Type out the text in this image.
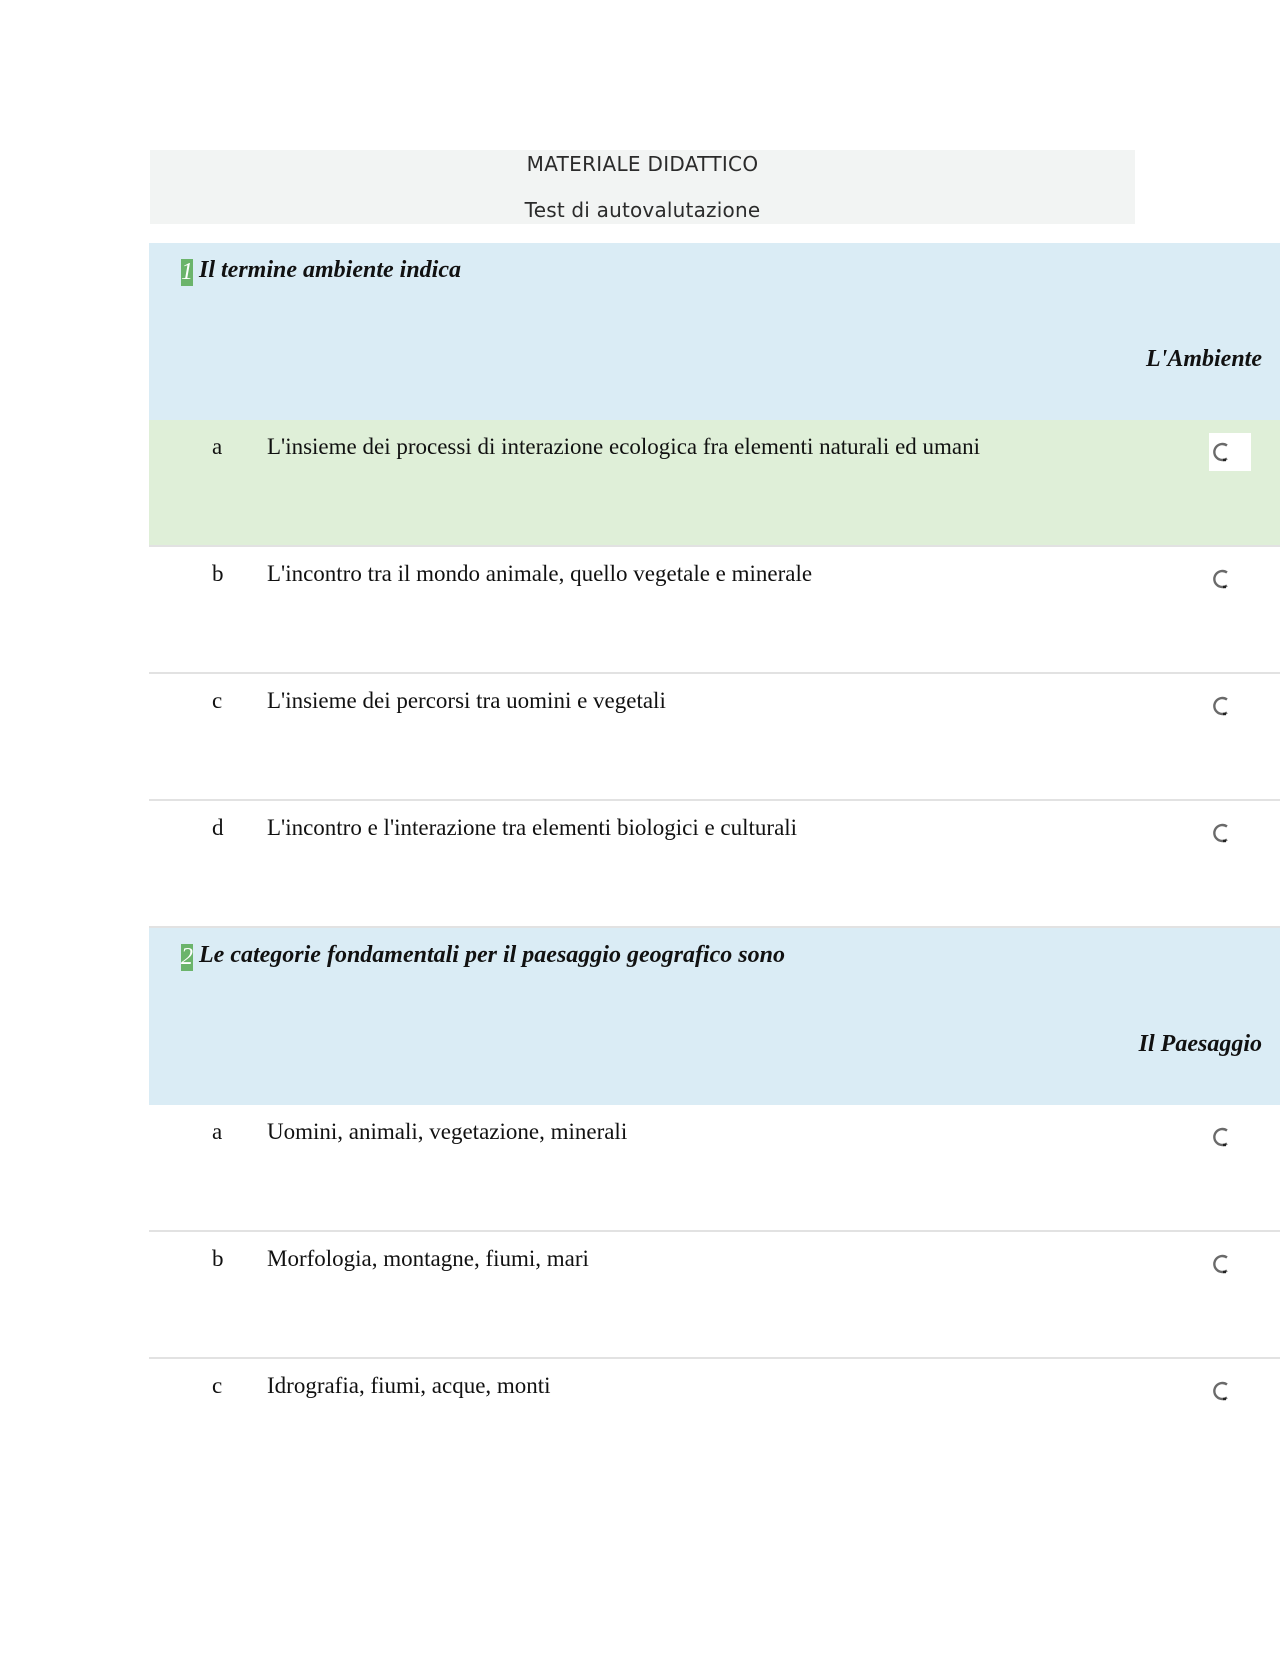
MATERIALE DIDATTICO
Test di autovalutazione
1 Il termine ambiente indica
L'Ambiente
a L'insieme dei processi di interazione ecologica fra elementi naturali ed umani
b L'incontro tra il mondo animale, quello vegetale e minerale
c L'insieme dei percorsi tra uomini e vegetali
d L'incontro e l'interazione tra elementi biologici e culturali
2 Le categorie fondamentali per il paesaggio geografico sono
Il Paesaggio
a Uomini, animali, vegetazione, minerali
b Morfologia, montagne, fiumi, mari
c Idrografia, fiumi, acque, monti
